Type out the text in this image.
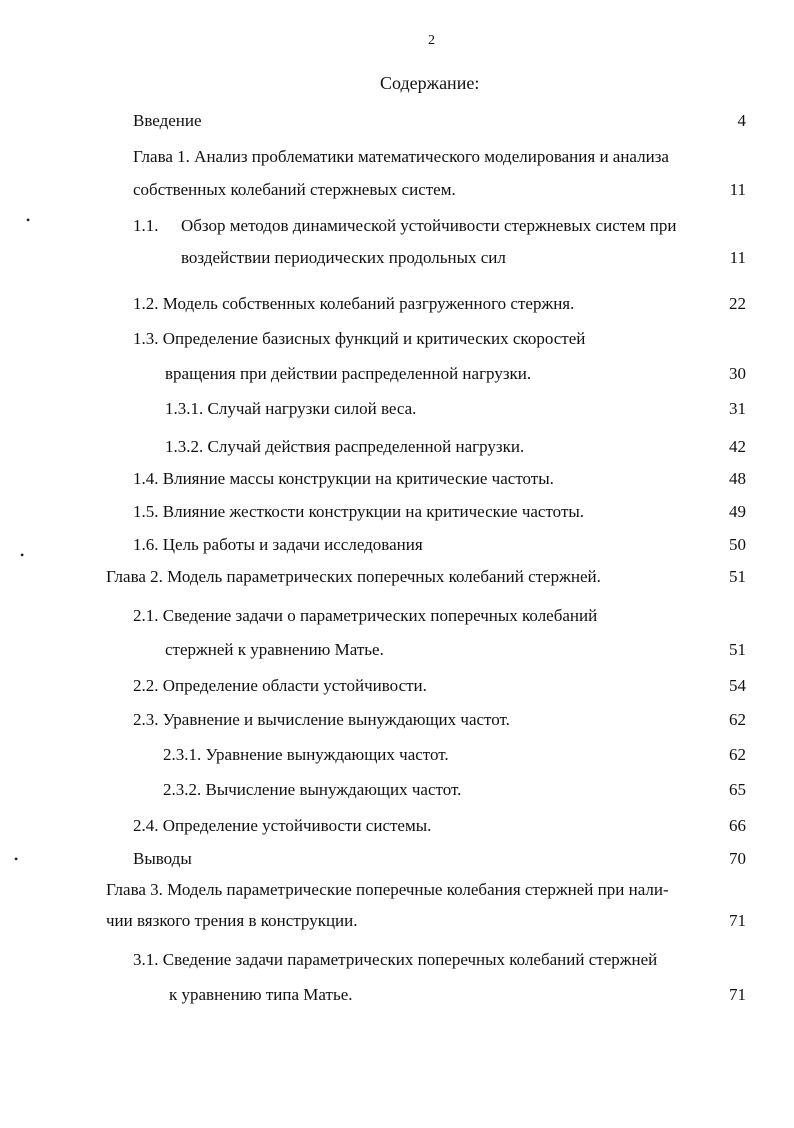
2
Содержание:
Введение	4
Глава 1. Анализ проблематики математического моделирования и анализа
собственных колебаний стержневых систем.	11
1.1. Обзор методов динамической устойчивости стержневых систем при
воздействии периодических продольных сил	11
1.2. Модель собственных колебаний разгруженного стержня.	22
1.3. Определение базисных функций и критических скоростей
вращения при действии распределенной нагрузки.	30
1.3.1. Случай нагрузки силой веса.	31
1.3.2. Случай действия распределенной нагрузки.	42
1.4. Влияние массы конструкции на критические частоты.	48
1.5. Влияние жесткости конструкции на критические частоты.	49
1.6. Цель работы и задачи исследования	50
Глава 2. Модель параметрических поперечных колебаний стержней.	51
2.1. Сведение задачи о параметрических поперечных колебаний
стержней к уравнению Матье.	51
2.2. Определение области устойчивости.	54
2.3. Уравнение и вычисление вынуждающих частот.	62
2.3.1. Уравнение вынуждающих частот.	62
2.3.2. Вычисление вынуждающих частот.	65
2.4. Определение устойчивости системы.	66
Выводы	70
Глава 3. Модель параметрические поперечные колебания стержней при нали-
чии вязкого трения в конструкции.	71
3.1. Сведение задачи параметрических поперечных колебаний стержней
к уравнению типа Матье.	71
•
•
•
